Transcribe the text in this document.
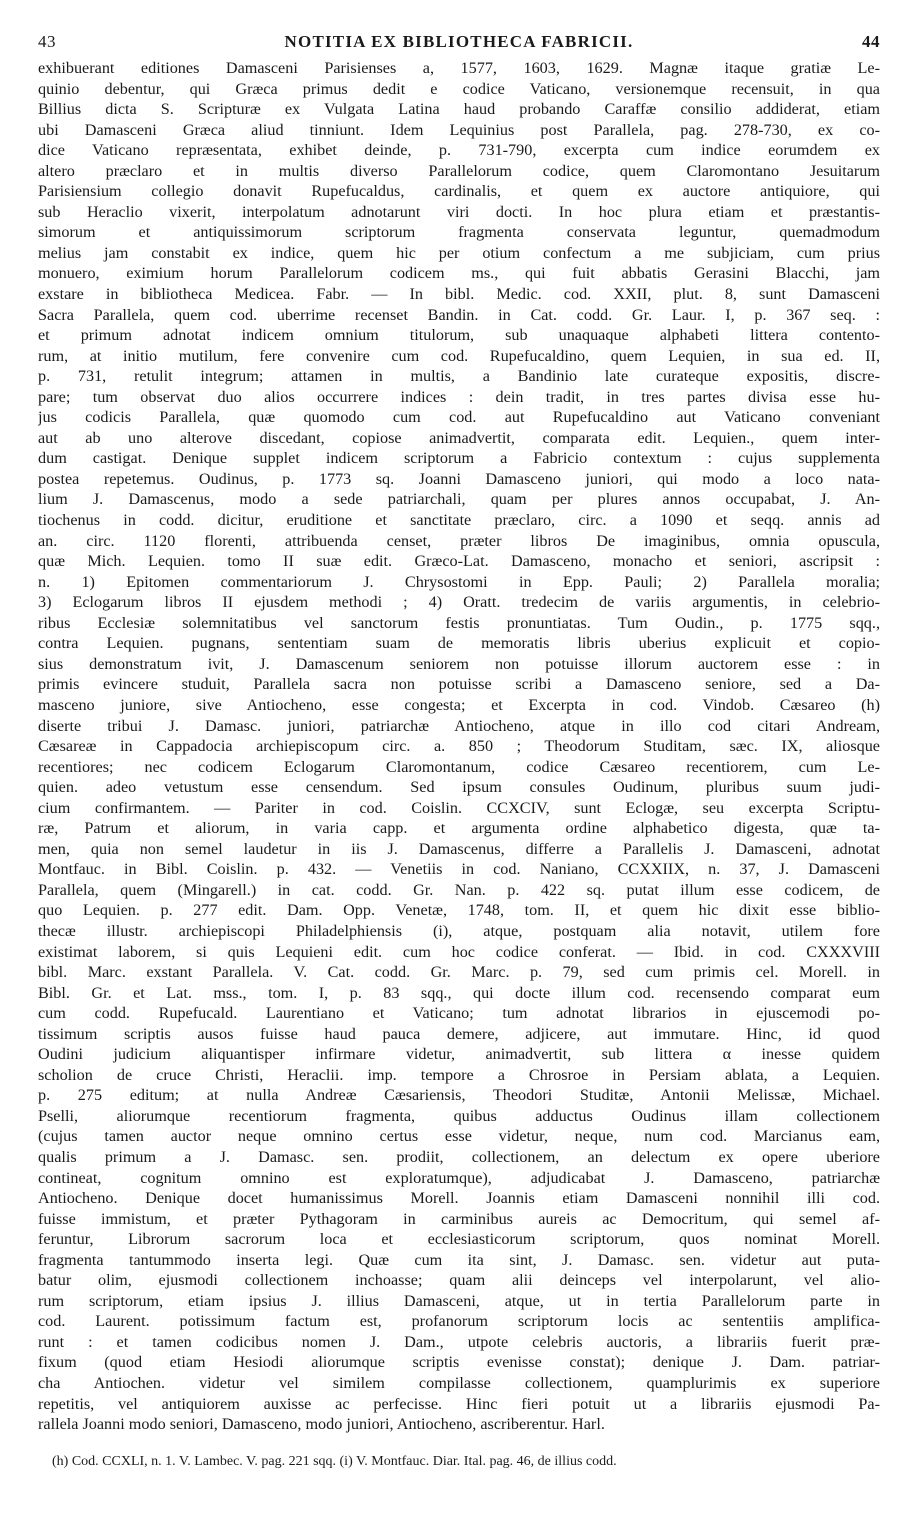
43	NOTITIA EX BIBLIOTHECA FABRICII.	44
exhibuerant editiones Damasceni Parisienses a, 1577, 1603, 1629. Magnæ itaque gratiæ Le-
quinio debentur, qui Græca primus dedit e codice Vaticano, versionemque recensuit, in qua
Billius dicta S. Scripturæ ex Vulgata Latina haud probando Caraffæ consilio addiderat, etiam
ubi Damasceni Græca aliud tinniunt. Idem Lequinius post Parallela, pag. 278-730, ex co-
dice Vaticano repræsentata, exhibet deinde, p. 731-790, excerpta cum indice eorumdem ex
altero præclaro et in multis diverso Parallelorum codice, quem Claromontano Jesuitarum
Parisiensium collegio donavit Rupefucaldus, cardinalis, et quem ex auctore antiquiore, qui
sub Heraclio vixerit, interpolatum adnotarunt viri docti. In hoc plura etiam et præstantis-
simorum et antiquissimorum scriptorum fragmenta conservata leguntur, quemadmodum
melius jam constabit ex indice, quem hic per otium confectum a me subjiciam, cum prius
monuero, eximium horum Parallelorum codicem ms., qui fuit abbatis Gerasini Blacchi, jam
exstare in bibliotheca Medicea. Fabr. — In bibl. Medic. cod. XXII, plut. 8, sunt Damasceni
Sacra Parallela, quem cod. uberrime recenset Bandin. in Cat. codd. Gr. Laur. I, p. 367 seq. :
et primum adnotat indicem omnium titulorum, sub unaquaque alphabeti littera contento-
rum, at initio mutilum, fere convenire cum cod. Rupefucaldino, quem Lequien, in sua ed. II,
p. 731, retulit integrum; attamen in multis, a Bandinio late curateque expositis, discre-
pare; tum observat duo alios occurrere indices : dein tradit, in tres partes divisa esse hu-
jus codicis Parallela, quæ quomodo cum cod. aut Rupefucaldino aut Vaticano conveniant
aut ab uno alterove discedant, copiose animadvertit, comparata edit. Lequien., quem inter-
dum castigat. Denique supplet indicem scriptorum a Fabricio contextum : cujus supplementa
postea repetemus. Oudinus, p. 1773 sq. Joanni Damasceno juniori, qui modo a loco nata-
lium J. Damascenus, modo a sede patriarchali, quam per plures annos occupabat, J. An-
tiochenus in codd. dicitur, eruditione et sanctitate præclaro, circ. a 1090 et seqq. annis ad
an. circ. 1120 florenti, attribuenda censet, præter libros De imaginibus, omnia opuscula,
quæ Mich. Lequien. tomo II suæ edit. Græco-Lat. Damasceno, monacho et seniori, ascripsit :
n. 1) Epitomen commentariorum J. Chrysostomi in Epp. Pauli; 2) Parallela moralia;
3) Eclogarum libros II ejusdem methodi ; 4) Oratt. tredecim de variis argumentis, in celebrio-
ribus Ecclesiæ solemnitatibus vel sanctorum festis pronuntiatas. Tum Oudin., p. 1775 sqq.,
contra Lequien. pugnans, sententiam suam de memoratis libris uberius explicuit et copio-
sius demonstratum ivit, J. Damascenum seniorem non potuisse illorum auctorem esse : in
primis evincere studuit, Parallela sacra non potuisse scribi a Damasceno seniore, sed a Da-
masceno juniore, sive Antiocheno, esse congesta; et Excerpta in cod. Vindob. Cæsareo (h)
diserte tribui J. Damasc. juniori, patriarchæ Antiocheno, atque in illo cod citari Andream,
Cæsareæ in Cappadocia archiepiscopum circ. a. 850 ; Theodorum Studitam, sæc. IX, aliosque
recentiores; nec codicem Eclogarum Claromontanum, codice Cæsareo recentiorem, cum Le-
quien. adeo vetustum esse censendum. Sed ipsum consules Oudinum, pluribus suum judi-
cium confirmantem. — Pariter in cod. Coislin. CCXCIV, sunt Eclogæ, seu excerpta Scriptu-
ræ, Patrum et aliorum, in varia capp. et argumenta ordine alphabetico digesta, quæ ta-
men, quia non semel laudetur in iis J. Damascenus, differre a Parallelis J. Damasceni, adnotat
Montfauc. in Bibl. Coislin. p. 432. — Venetiis in cod. Naniano, CCXXIIX, n. 37, J. Damasceni
Parallela, quem (Mingarell.) in cat. codd. Gr. Nan. p. 422 sq. putat illum esse codicem, de
quo Lequien. p. 277 edit. Dam. Opp. Venetæ, 1748, tom. II, et quem hic dixit esse biblio-
thecæ illustr. archiepiscopi Philadelphiensis (i), atque, postquam alia notavit, utilem fore
existimat laborem, si quis Lequieni edit. cum hoc codice conferat. — Ibid. in cod. CXXXVIII
bibl. Marc. exstant Parallela. V. Cat. codd. Gr. Marc. p. 79, sed cum primis cel. Morell. in
Bibl. Gr. et Lat. mss., tom. I, p. 83 sqq., qui docte illum cod. recensendo comparat eum
cum codd. Rupefucald. Laurentiano et Vaticano; tum adnotat librarios in ejuscemodi po-
tissimum scriptis ausos fuisse haud pauca demere, adjicere, aut immutare. Hinc, id quod
Oudini judicium aliquantisper infirmare videtur, animadvertit, sub littera α inesse quidem
scholion de cruce Christi, Heraclii. imp. tempore a Chrosroe in Persiam ablata, a Lequien.
p. 275 editum; at nulla Andreæ Cæsariensis, Theodori Studitæ, Antonii Melissæ, Michael.
Pselli, aliorumque recentiorum fragmenta, quibus adductus Oudinus illam collectionem
(cujus tamen auctor neque omnino certus esse videtur, neque, num cod. Marcianus eam,
qualis primum a J. Damasc. sen. prodiit, collectionem, an delectum ex opere uberiore
contineat, cognitum omnino est exploratumque), adjudicabat J. Damasceno, patriarchæ
Antiocheno. Denique docet humanissimus Morell. Joannis etiam Damasceni nonnihil illi cod.
fuisse immistum, et præter Pythagoram in carminibus aureis ac Democritum, qui semel af-
feruntur, Librorum sacrorum loca et ecclesiasticorum scriptorum, quos nominat Morell.
fragmenta tantummodo inserta legi. Quæ cum ita sint, J. Damasc. sen. videtur aut puta-
batur olim, ejusmodi collectionem inchoasse; quam alii deinceps vel interpolarunt, vel alio-
rum scriptorum, etiam ipsius J. illius Damasceni, atque, ut in tertia Parallelorum parte in
cod. Laurent. potissimum factum est, profanorum scriptorum locis ac sententiis amplifica-
runt : et tamen codicibus nomen J. Dam., utpote celebris auctoris, a librariis fuerit præ-
fixum (quod etiam Hesiodi aliorumque scriptis evenisse constat); denique J. Dam. patriar-
cha Antiochen. videtur vel similem compilasse collectionem, quamplurimis ex superiore
repetitis, vel antiquiorem auxisse ac perfecisse. Hinc fieri potuit ut a librariis ejusmodi Pa-
rallela Joanni modo seniori, Damasceno, modo juniori, Antiocheno, ascriberentur. Harl.
(h) Cod. CCXLI, n. 1. V. Lambec. V. pag. 221 sqq. (i) V. Montfauc. Diar. Ital. pag. 46, de illius codd.
